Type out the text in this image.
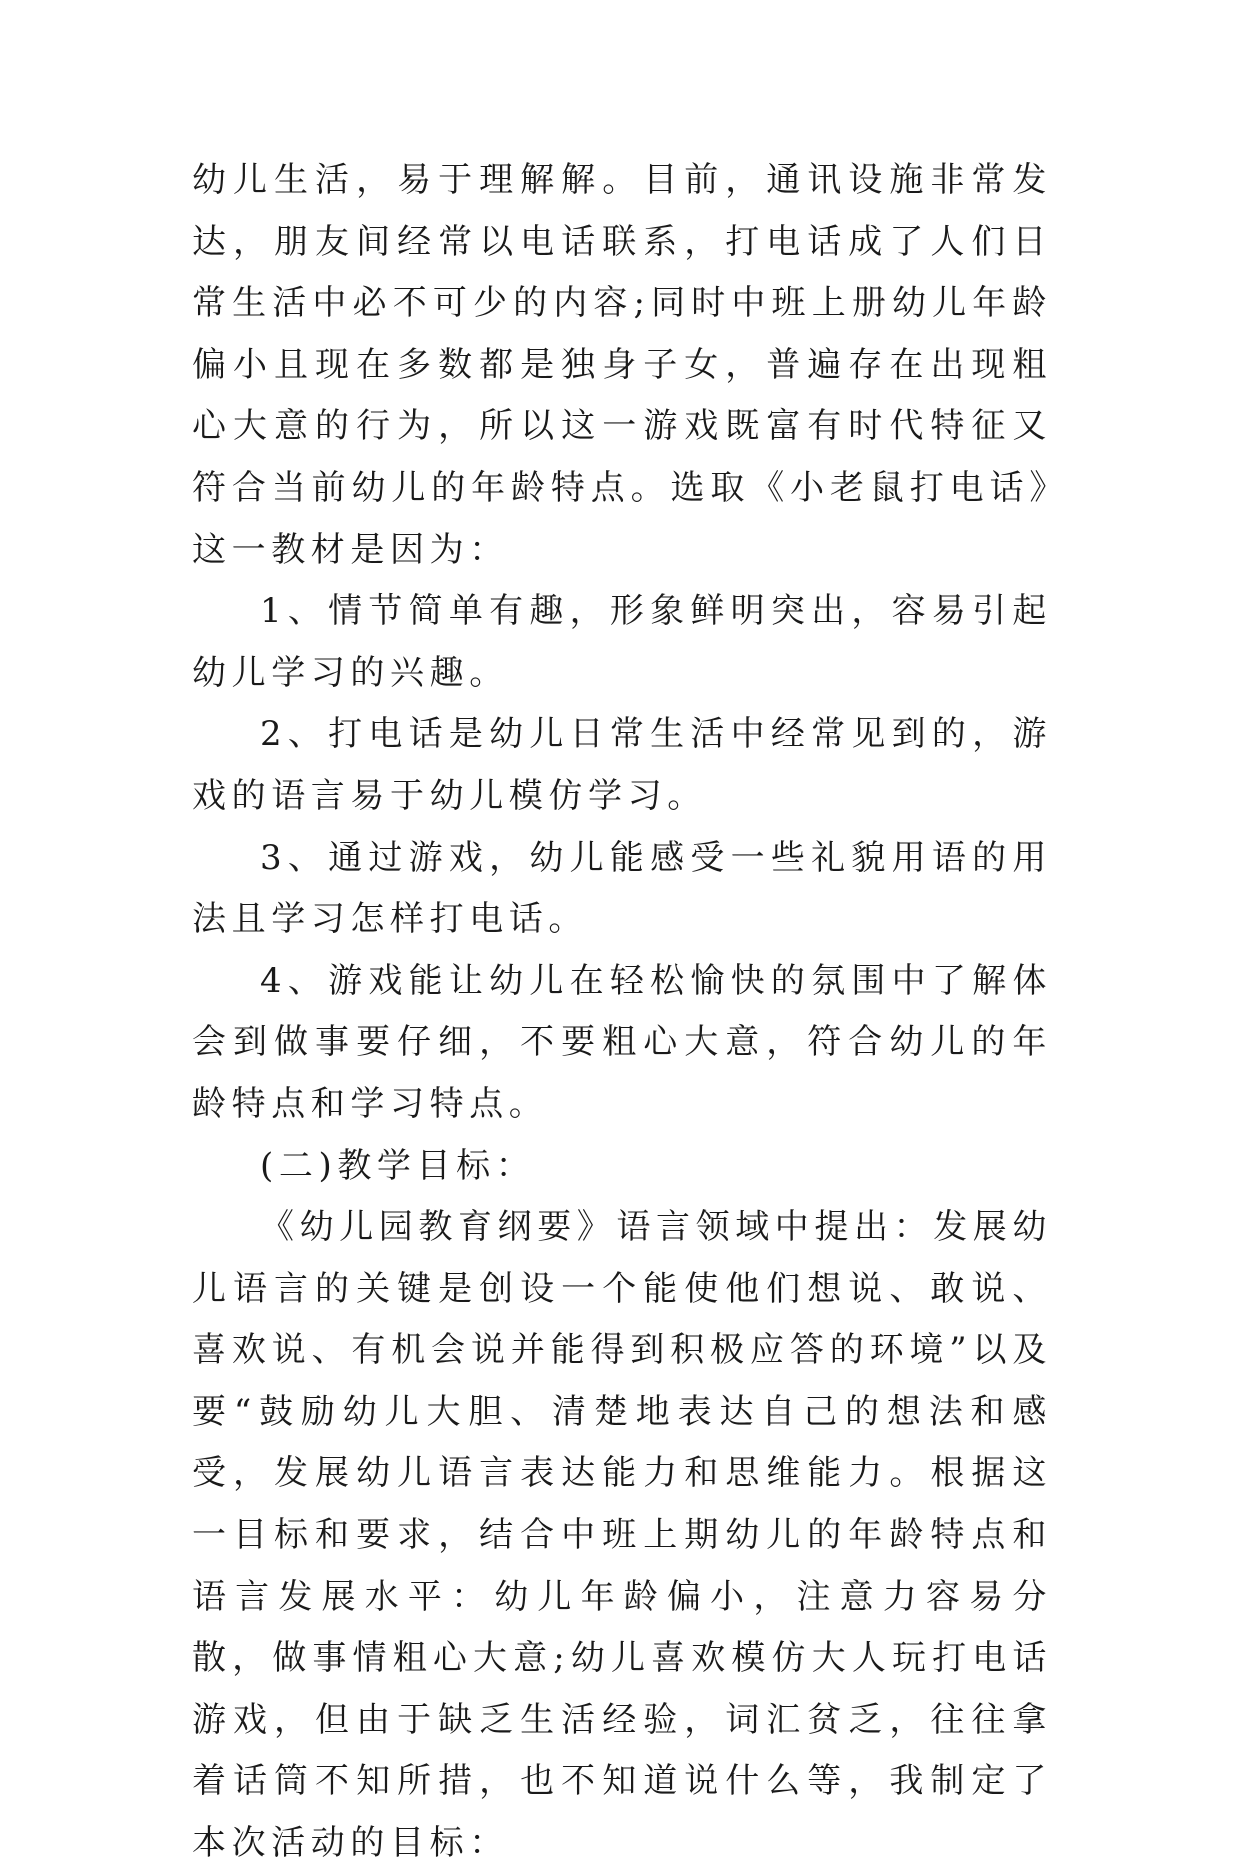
幼儿生活，易于理解解。目前，通讯设施非常发达，朋友间经常以电话联系，打电话成了人们日常生活中必不可少的内容;同时中班上册幼儿年龄偏小且现在多数都是独身子女，普遍存在出现粗心大意的行为，所以这一游戏既富有时代特征又符合当前幼儿的年龄特点。选取《小老鼠打电话》这一教材是因为：

1、情节简单有趣，形象鲜明突出，容易引起幼儿学习的兴趣。

2、打电话是幼儿日常生活中经常见到的，游戏的语言易于幼儿模仿学习。

3、通过游戏，幼儿能感受一些礼貌用语的用法且学习怎样打电话。

4、游戏能让幼儿在轻松愉快的氛围中了解体会到做事要仔细，不要粗心大意，符合幼儿的年龄特点和学习特点。

(二)教学目标：

《幼儿园教育纲要》语言领域中提出：发展幼儿语言的关键是创设一个能使他们想说、敢说、喜欢说、有机会说并能得到积极应答的环境”以及要“鼓励幼儿大胆、清楚地表达自己的想法和感受，发展幼儿语言表达能力和思维能力。根据这一目标和要求，结合中班上期幼儿的年龄特点和语言发展水平：幼儿年龄偏小，注意力容易分散，做事情粗心大意;幼儿喜欢模仿大人玩打电话游戏，但由于缺乏生活经验，词汇贫乏，往往拿着话筒不知所措，也不知道说什么等，我制定了本次活动的目标：
